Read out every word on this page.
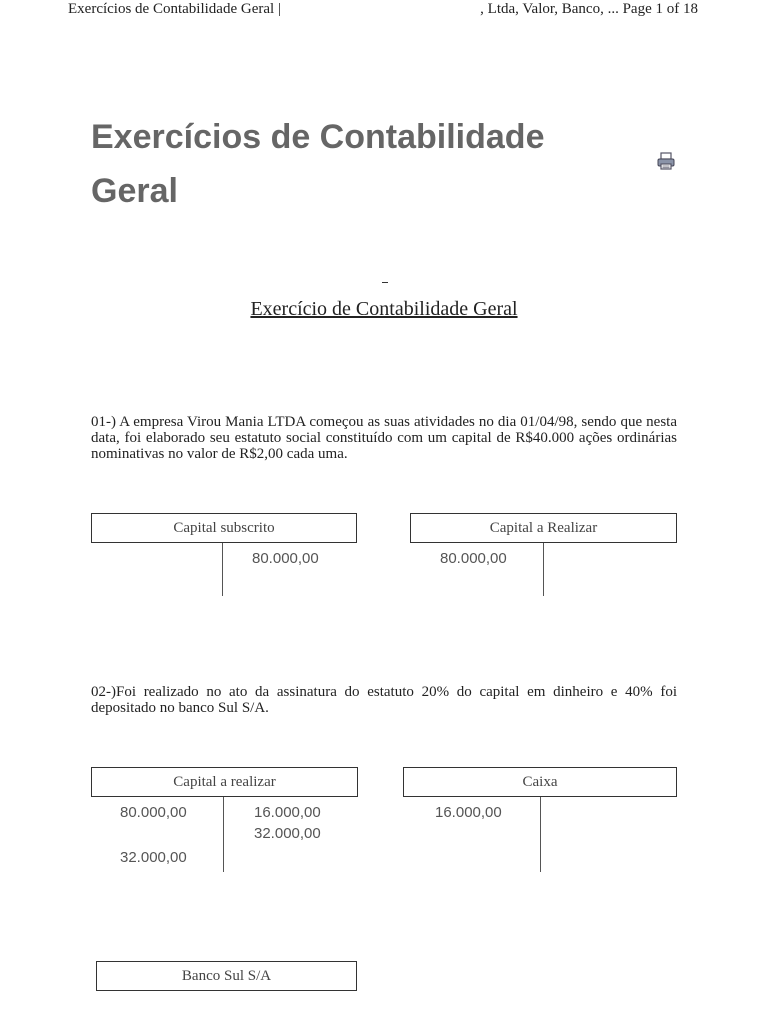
Exercícios de Contabilidade Geral |	, Ltda, Valor, Banco, ... Page 1 of 18
Exercícios de Contabilidade Geral
Exercício de Contabilidade Geral
01-) A empresa Virou Mania LTDA começou as suas atividades no dia 01/04/98, sendo que nesta data, foi elaborado seu estatuto social constituído com um capital de R$40.000 ações ordinárias nominativas no valor de R$2,00 cada uma.
Capital subscrito
80.000,00
Capital a Realizar
80.000,00
02-)Foi realizado no ato da assinatura do estatuto 20% do capital em dinheiro e 40% foi depositado no banco Sul S/A.
Capital a realizar
80.000,00
32.000,00
16.000,00
32.000,00
Caixa
16.000,00
Banco Sul S/A
